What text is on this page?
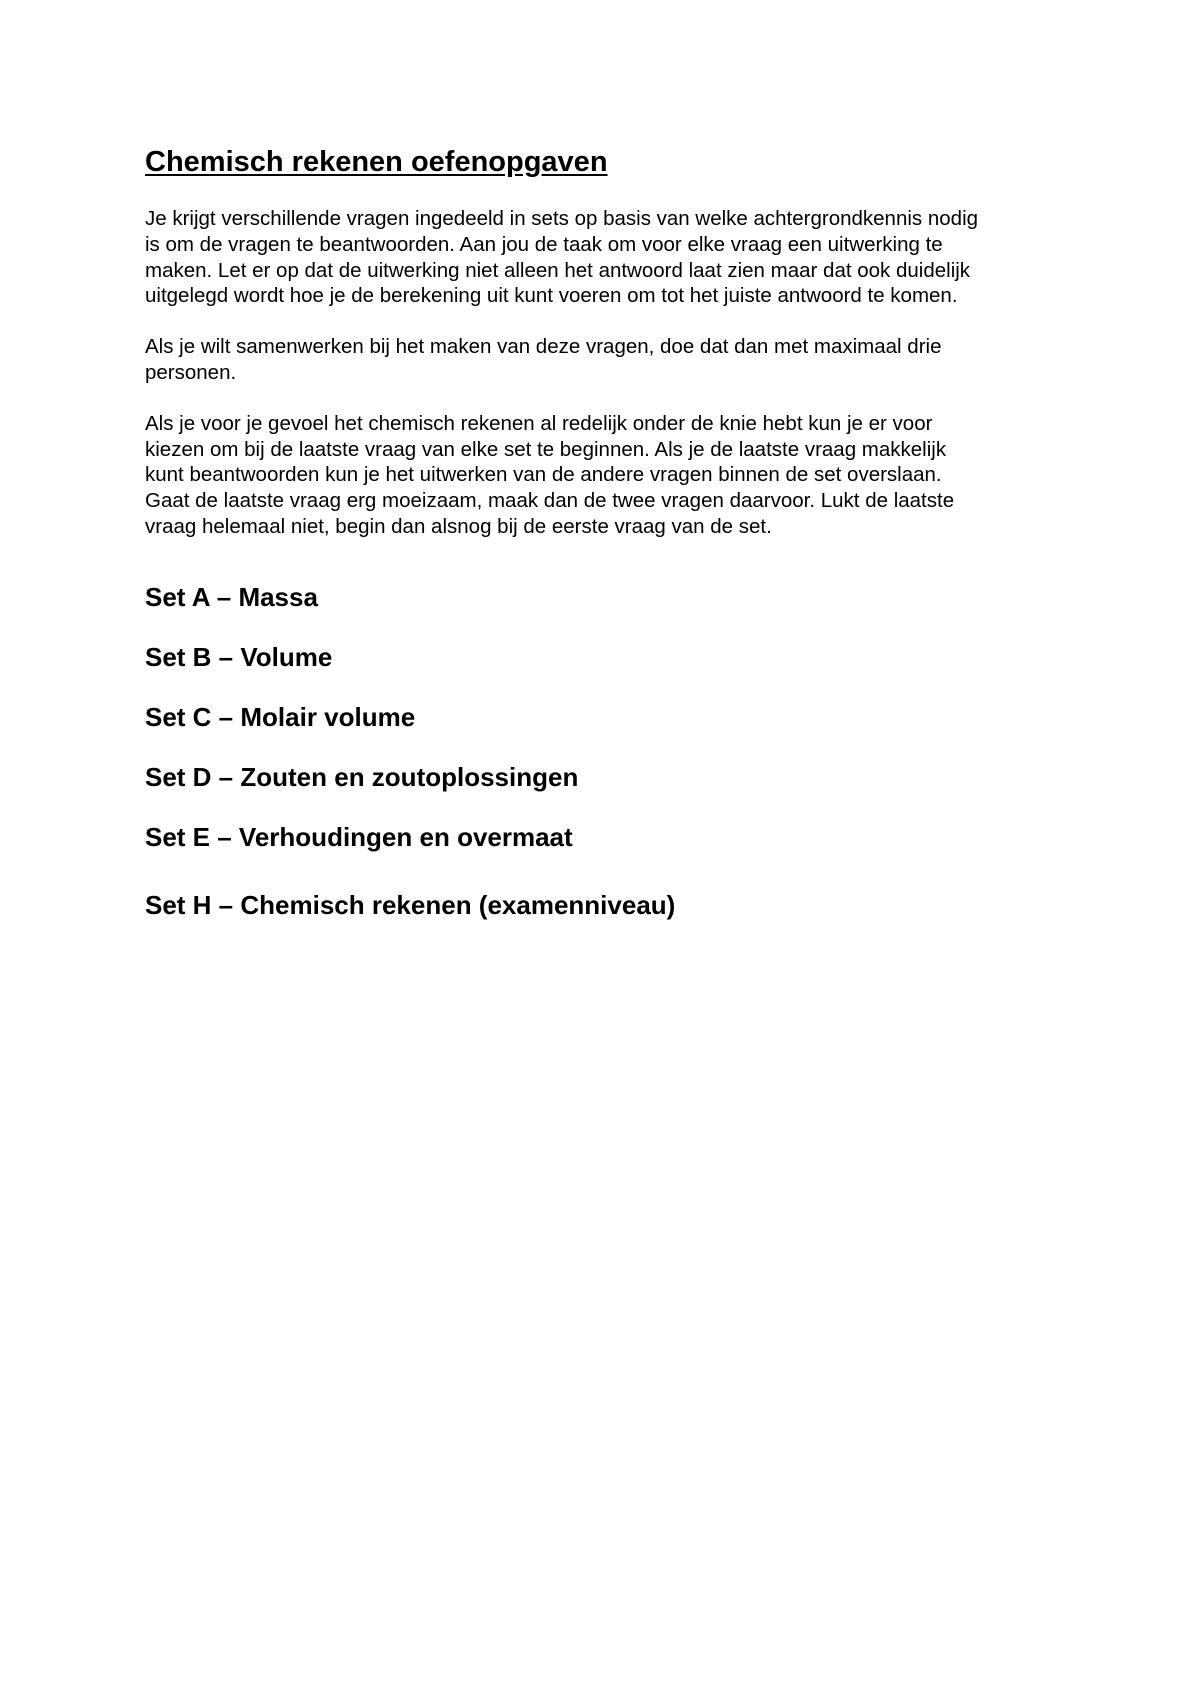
Chemisch rekenen oefenopgaven

Je krijgt verschillende vragen ingedeeld in sets op basis van welke achtergrondkennis nodig
is om de vragen te beantwoorden. Aan jou de taak om voor elke vraag een uitwerking te
maken. Let er op dat de uitwerking niet alleen het antwoord laat zien maar dat ook duidelijk
uitgelegd wordt hoe je de berekening uit kunt voeren om tot het juiste antwoord te komen.

Als je wilt samenwerken bij het maken van deze vragen, doe dat dan met maximaal drie
personen.

Als je voor je gevoel het chemisch rekenen al redelijk onder de knie hebt kun je er voor
kiezen om bij de laatste vraag van elke set te beginnen. Als je de laatste vraag makkelijk
kunt beantwoorden kun je het uitwerken van de andere vragen binnen de set overslaan.
Gaat de laatste vraag erg moeizaam, maak dan de twee vragen daarvoor. Lukt de laatste
vraag helemaal niet, begin dan alsnog bij de eerste vraag van de set.

Set A – Massa
Set B – Volume
Set C – Molair volume
Set D – Zouten en zoutoplossingen
Set E – Verhoudingen en overmaat
Set H – Chemisch rekenen (examenniveau)
